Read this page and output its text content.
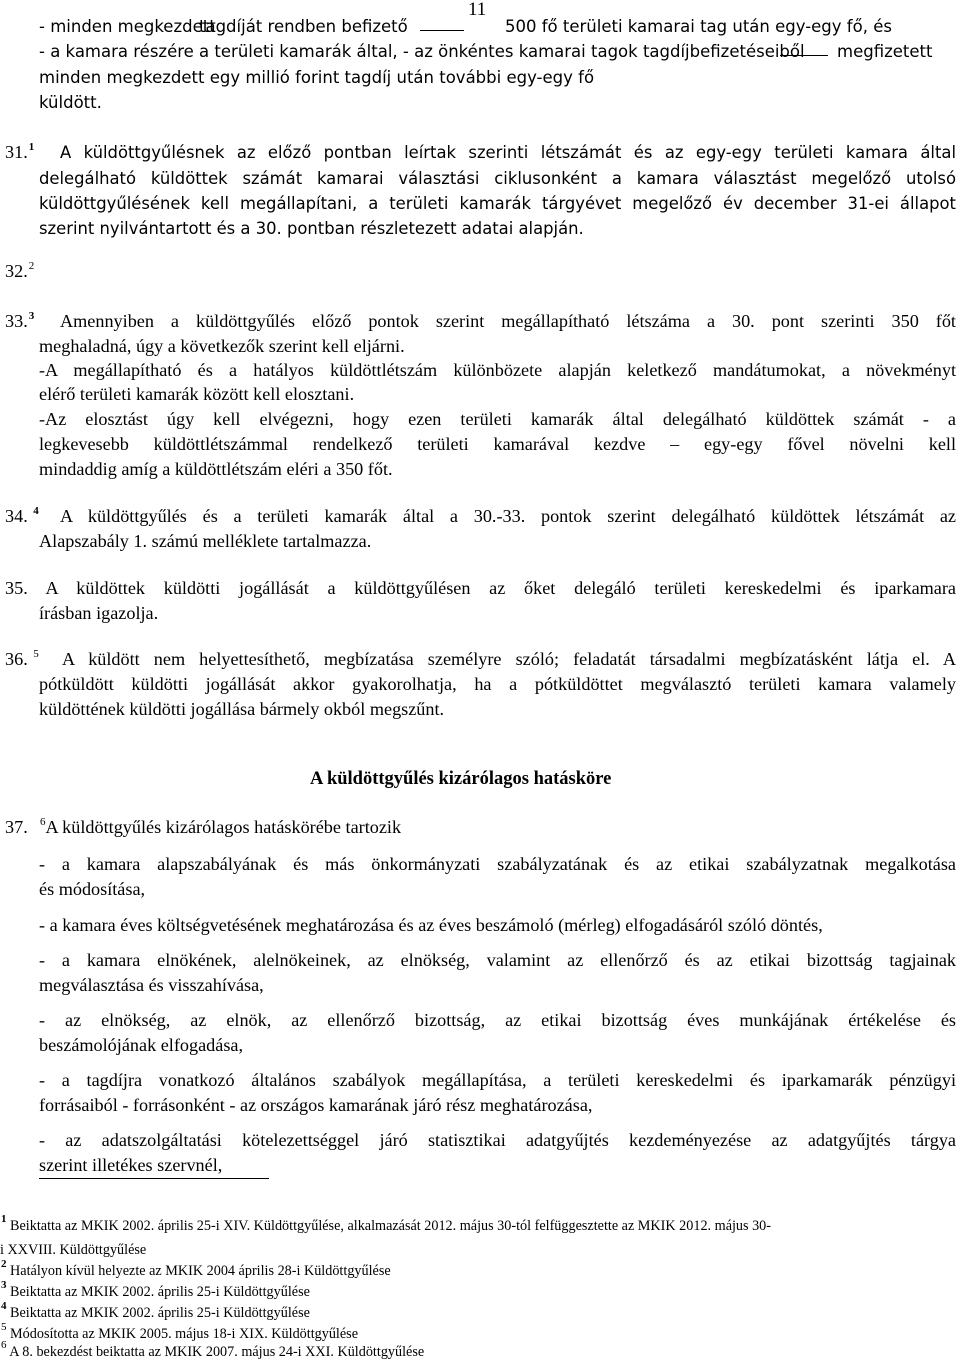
11
- minden megkezdett
tagdíját rendben befizető	500 fő területi kamarai tag után egy-egy fő, és
- a kamara részére a területi kamarák által, - az önkéntes kamarai tagok tagdíjbefizetéseiből megfizetett
minden megkezdett egy millió forint tagdíj után további egy-egy fő
küldött.
31.$^1$ A küldöttgyűlésnek az előző pontban leírtak szerinti létszámát és az egy-egy területi kamara által
delegálható küldöttek számát kamarai választási ciklusonként a kamara választást megelőző utolsó
küldöttgyűlésének kell megállapítani, a területi kamarák tárgyévet megelőző év december 31-ei állapot
szerint nyilvántartott és a 30. pontban részletezett adatai alapján.
32.$^2$
33.$^3$ Amennyiben a küldöttgyűlés előző pontok szerint megállapítható létszáma a 30. pont szerinti 350 főt
meghaladná, úgy a következők szerint kell eljárni.
-A megállapítható és a hatályos küldöttlétszám különbözete alapján keletkező mandátumokat, a növekményt
elérő területi kamarák között kell elosztani.
-Az elosztást úgy kell elvégezni, hogy ezen területi kamarák által delegálható küldöttek számát - a
legkevesebb küldöttlétszámmal rendelkező területi kamarával kezdve – egy-egy fővel növelni kell
mindaddig amíg a küldöttlétszám eléri a 350 főt.
34. $^4$ A küldöttgyűlés és a területi kamarák által a 30.-33. pontok szerint delegálható küldöttek létszámát az
Alapszabály 1. számú melléklete tartalmazza.
35. A küldöttek küldötti jogállását a küldöttgyűlésen az őket delegáló területi kereskedelmi és iparkamara
írásban igazolja.
36. $^5$ A küldött nem helyettesíthető, megbízatása személyre szóló; feladatát társadalmi megbízatásként látja el. A
pótküldött küldötti jogállását akkor gyakorolhatja, ha a pótküldöttet megválasztó területi kamara valamely
küldöttének küldötti jogállása bármely okból megszűnt.
A küldöttgyűlés kizárólagos hatásköre
37. $^6$A küldöttgyűlés kizárólagos hatáskörébe tartozik
- a kamara alapszabályának és más önkormányzati szabályzatának és az etikai szabályzatnak megalkotása
és módosítása,
- a kamara éves költségvetésének meghatározása és az éves beszámoló (mérleg) elfogadásáról szóló döntés,
- a kamara elnökének, alelnökeinek, az elnökség, valamint az ellenőrző és az etikai bizottság tagjainak
megválasztása és visszahívása,
- az elnökség, az elnök, az ellenőrző bizottság, az etikai bizottság éves munkájának értékelése és
beszámolójának elfogadása,
- a tagdíjra vonatkozó általános szabályok megállapítása, a területi kereskedelmi és iparkamarák pénzügyi
forrásaiból - forrásonként - az országos kamarának járó rész meghatározása,
- az adatszolgáltatási kötelezettséggel járó statisztikai adatgyűjtés kezdeményezése az adatgyűjtés tárgya
szerint illetékes szervnél,
$^1$ Beiktatta az MKIK 2002. április 25-i XIV. Küldöttgyűlése, alkalmazását 2012. május 30-tól felfüggesztette az MKIK 2012. május 30-
i XXVIII. Küldöttgyűlése
$^2$ Hatályon kívül helyezte az MKIK 2004 április 28-i Küldöttgyűlése
$^3$ Beiktatta az MKIK 2002. április 25-i Küldöttgyűlése
$^4$ Beiktatta az MKIK 2002. április 25-i Küldöttgyűlése
$^5$ Módosította az MKIK 2005. május 18-i XIX. Küldöttgyűlése
$^6$ A 8. bekezdést beiktatta az MKIK 2007. május 24-i XXI. Küldöttgyűlése
